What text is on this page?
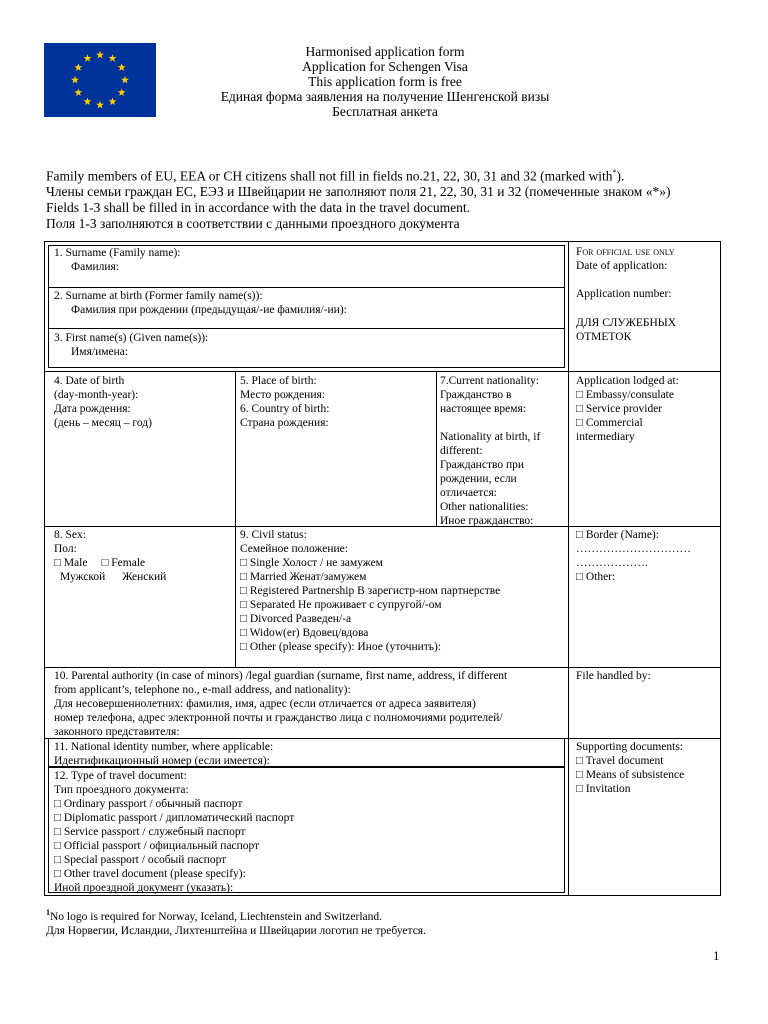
Harmonised application form
Application for Schengen Visa
This application form is free
Единая форма заявления на получение Шенгенской визы
Бесплатная анкета
Family members of EU, EEA or CH citizens shall not fill in fields no.21, 22, 30, 31 and 32 (marked with*).
Члены семьи граждан ЕС, ЕЭЗ и Швейцарии не заполняют поля 21, 22, 30, 31 и 32 (помеченные знаком «*»)
Fields 1-3 shall be filled in in accordance with the data in the travel document.
Поля 1-3 заполняются в соответствии с данными проездного документа
1. Surname (Family name):
Фамилия:
2. Surname at birth (Former family name(s)):
Фамилия при рождении (предыдущая/-ие фамилия/-ии):
3. First name(s) (Given name(s)):
Имя/имена:
For official use only
Date of application:
Application number:
ДЛЯ СЛУЖЕБНЫХ
ОТМЕТОК
4. Date of birth
(day-month-year):
Дата рождения:
(день – месяц – год)
5. Place of birth:
Место рождения:
6. Country of birth:
Страна рождения:
7.Current nationality:
Гражданство в
настоящее время:
Nationality at birth, if
different:
Гражданство при
рождении, если
отличается:
Other nationalities:
Иное гражданство:
Application lodged at:
□ Embassy/consulate
□ Service provider
□ Commercial
intermediary
8. Sex:
Пол:
□ Male □ Female
Мужской Женский
9. Civil status:
Семейное положение:
□ Single Холост / не замужем
□ Married Женат/замужем
□ Registered Partnership В зарегистр-ном партнерстве
□ Separated Не проживает с супругой/-ом
□ Divorced Разведен/-а
□ Widow(er) Вдовец/вдова
□ Other (please specify): Иное (уточнить):
□ Border (Name):
…………………………
……………….
□ Other:
10. Parental authority (in case of minors) /legal guardian (surname, first name, address, if different
from applicant’s, telephone no., e-mail address, and nationality):
Для несовершеннолетних: фамилия, имя, адрес (если отличается от адреса заявителя)
номер телефона, адрес электронной почты и гражданство лица с полномочиями родителей/
законного представителя:
File handled by:
11. National identity number, where applicable:
Идентификационный номер (если имеется):
12. Type of travel document:
Тип проездного документа:
□ Ordinary passport / обычный паспорт
□ Diplomatic passport / дипломатический паспорт
□ Service passport / служебный паспорт
□ Official passport / официальный паспорт
□ Special passport / особый паспорт
□ Other travel document (please specify):
Иной проездной документ (указать):
Supporting documents:
□ Travel document
□ Means of subsistence
□ Invitation
$^1$No logo is required for Norway, Iceland, Liechtenstein and Switzerland.
Для Норвегии, Исландии, Лихтенштейна и Швейцарии логотип не требуется.
1
